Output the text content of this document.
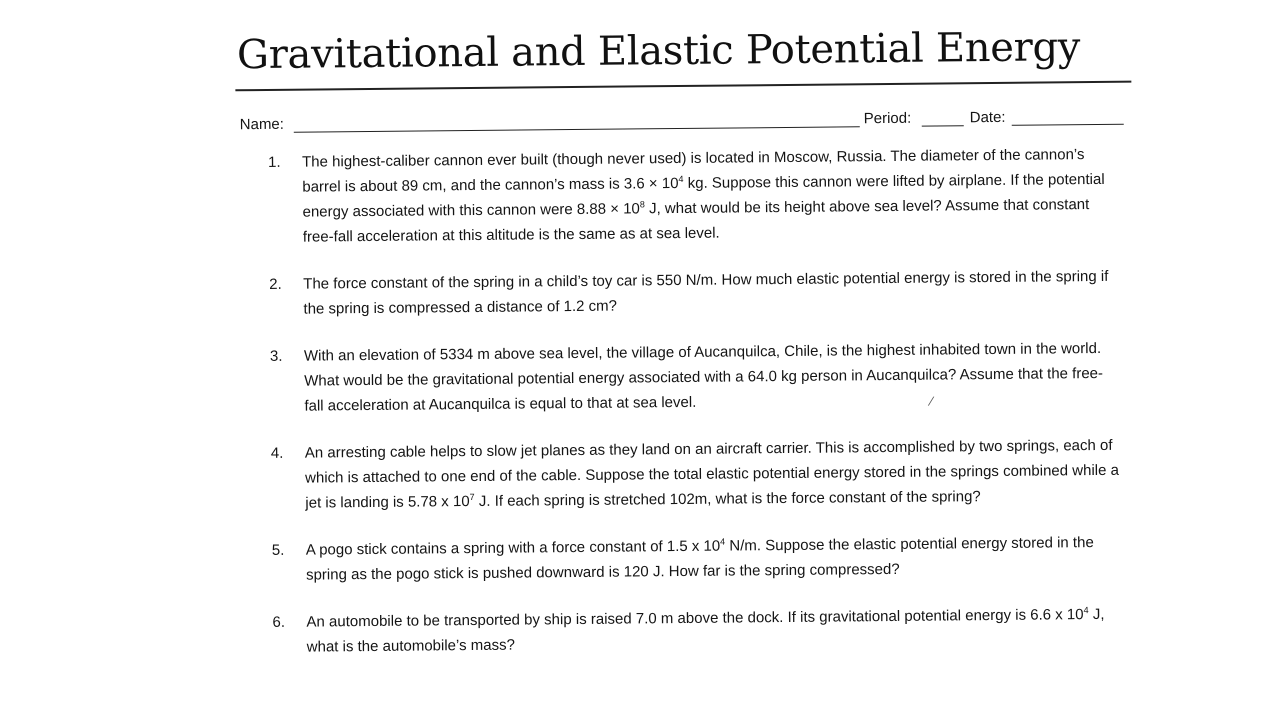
Gravitational and Elastic Potential Energy
Name:	Period:	Date:
1. The highest-caliber cannon ever built (though never used) is located in Moscow, Russia. The diameter of the cannon’s barrel is about 89 cm, and the cannon’s mass is $3.6 \times 10^4$ kg. Suppose this cannon were lifted by airplane. If the potential energy associated with this cannon were $8.88 \times 10^8$ J, what would be its height above sea level? Assume that constant free-fall acceleration at this altitude is the same as at sea level.
2. The force constant of the spring in a child’s toy car is 550 N/m. How much elastic potential energy is stored in the spring if the spring is compressed a distance of 1.2 cm?
3. With an elevation of 5334 m above sea level, the village of Aucanquilca, Chile, is the highest inhabited town in the world. What would be the gravitational potential energy associated with a 64.0 kg person in Aucanquilca? Assume that the free-fall acceleration at Aucanquilca is equal to that at sea level.
4. An arresting cable helps to slow jet planes as they land on an aircraft carrier. This is accomplished by two springs, each of which is attached to one end of the cable. Suppose the total elastic potential energy stored in the springs combined while a jet is landing is 5.78 x $10^7$ J. If each spring is stretched 102m, what is the force constant of the spring?
5. A pogo stick contains a spring with a force constant of 1.5 x $10^4$ N/m. Suppose the elastic potential energy stored in the spring as the pogo stick is pushed downward is 120 J. How far is the spring compressed?
6. An automobile to be transported by ship is raised 7.0 m above the dock. If its gravitational potential energy is 6.6 x $10^4$ J, what is the automobile’s mass?
⁄
